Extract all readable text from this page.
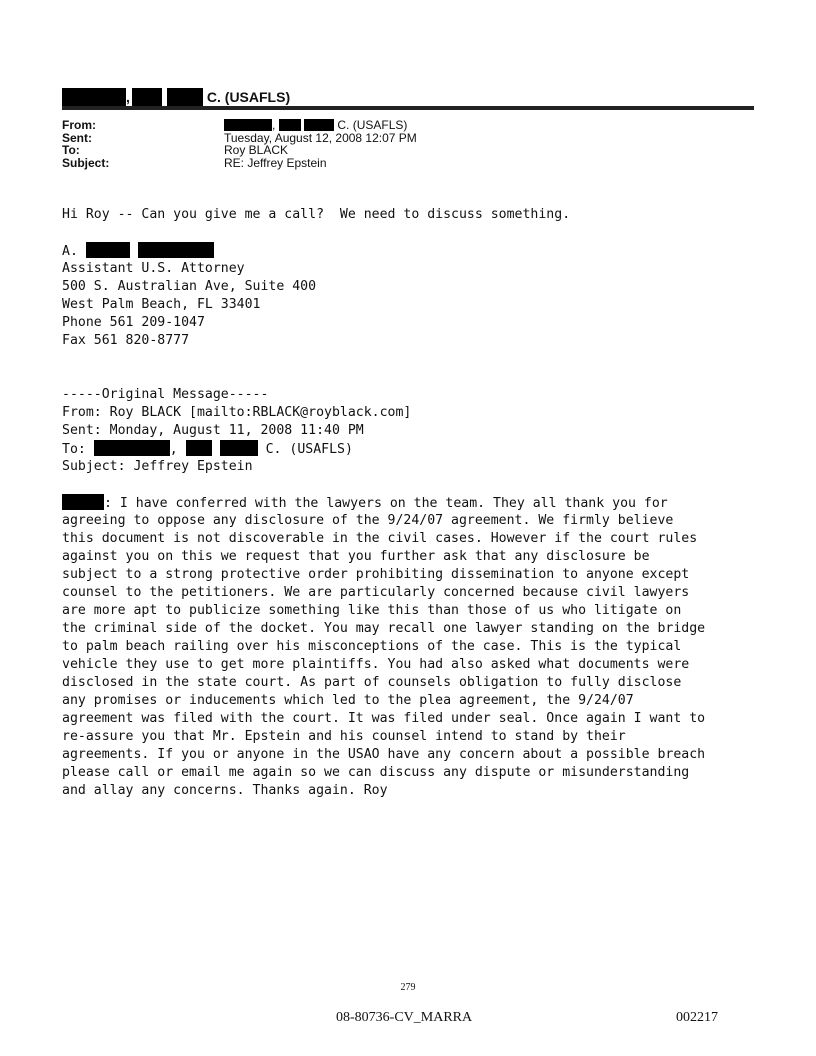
,	C. (USAFLS)
From:	,	C. (USAFLS)
Sent:	Tuesday, August 12, 2008 12:07 PM
To:	Roy BLACK
Subject:	RE: Jeffrey Epstein
Hi Roy -- Can you give me a call?  We need to discuss something.
A.
Assistant U.S. Attorney
500 S. Australian Ave, Suite 400
West Palm Beach, FL 33401
Phone 561 209-1047
Fax 561 820-8777
-----Original Message-----
From: Roy BLACK [mailto:RBLACK@royblack.com]
Sent: Monday, August 11, 2008 11:40 PM
To:	,	C. (USAFLS)
Subject: Jeffrey Epstein
: I have conferred with the lawyers on the team. They all thank you for
agreeing to oppose any disclosure of the 9/24/07 agreement. We firmly believe
this document is not discoverable in the civil cases. However if the court rules
against you on this we request that you further ask that any disclosure be
subject to a strong protective order prohibiting dissemination to anyone except
counsel to the petitioners. We are particularly concerned because civil lawyers
are more apt to publicize something like this than those of us who litigate on
the criminal side of the docket. You may recall one lawyer standing on the bridge
to palm beach railing over his misconceptions of the case. This is the typical
vehicle they use to get more plaintiffs. You had also asked what documents were
disclosed in the state court. As part of counsels obligation to fully disclose
any promises or inducements which led to the plea agreement, the 9/24/07
agreement was filed with the court. It was filed under seal. Once again I want to
re-assure you that Mr. Epstein and his counsel intend to stand by their
agreements. If you or anyone in the USAO have any concern about a possible breach
please call or email me again so we can discuss any dispute or misunderstanding
and allay any concerns. Thanks again. Roy
279
08-80736-CV_MARRA	002217
